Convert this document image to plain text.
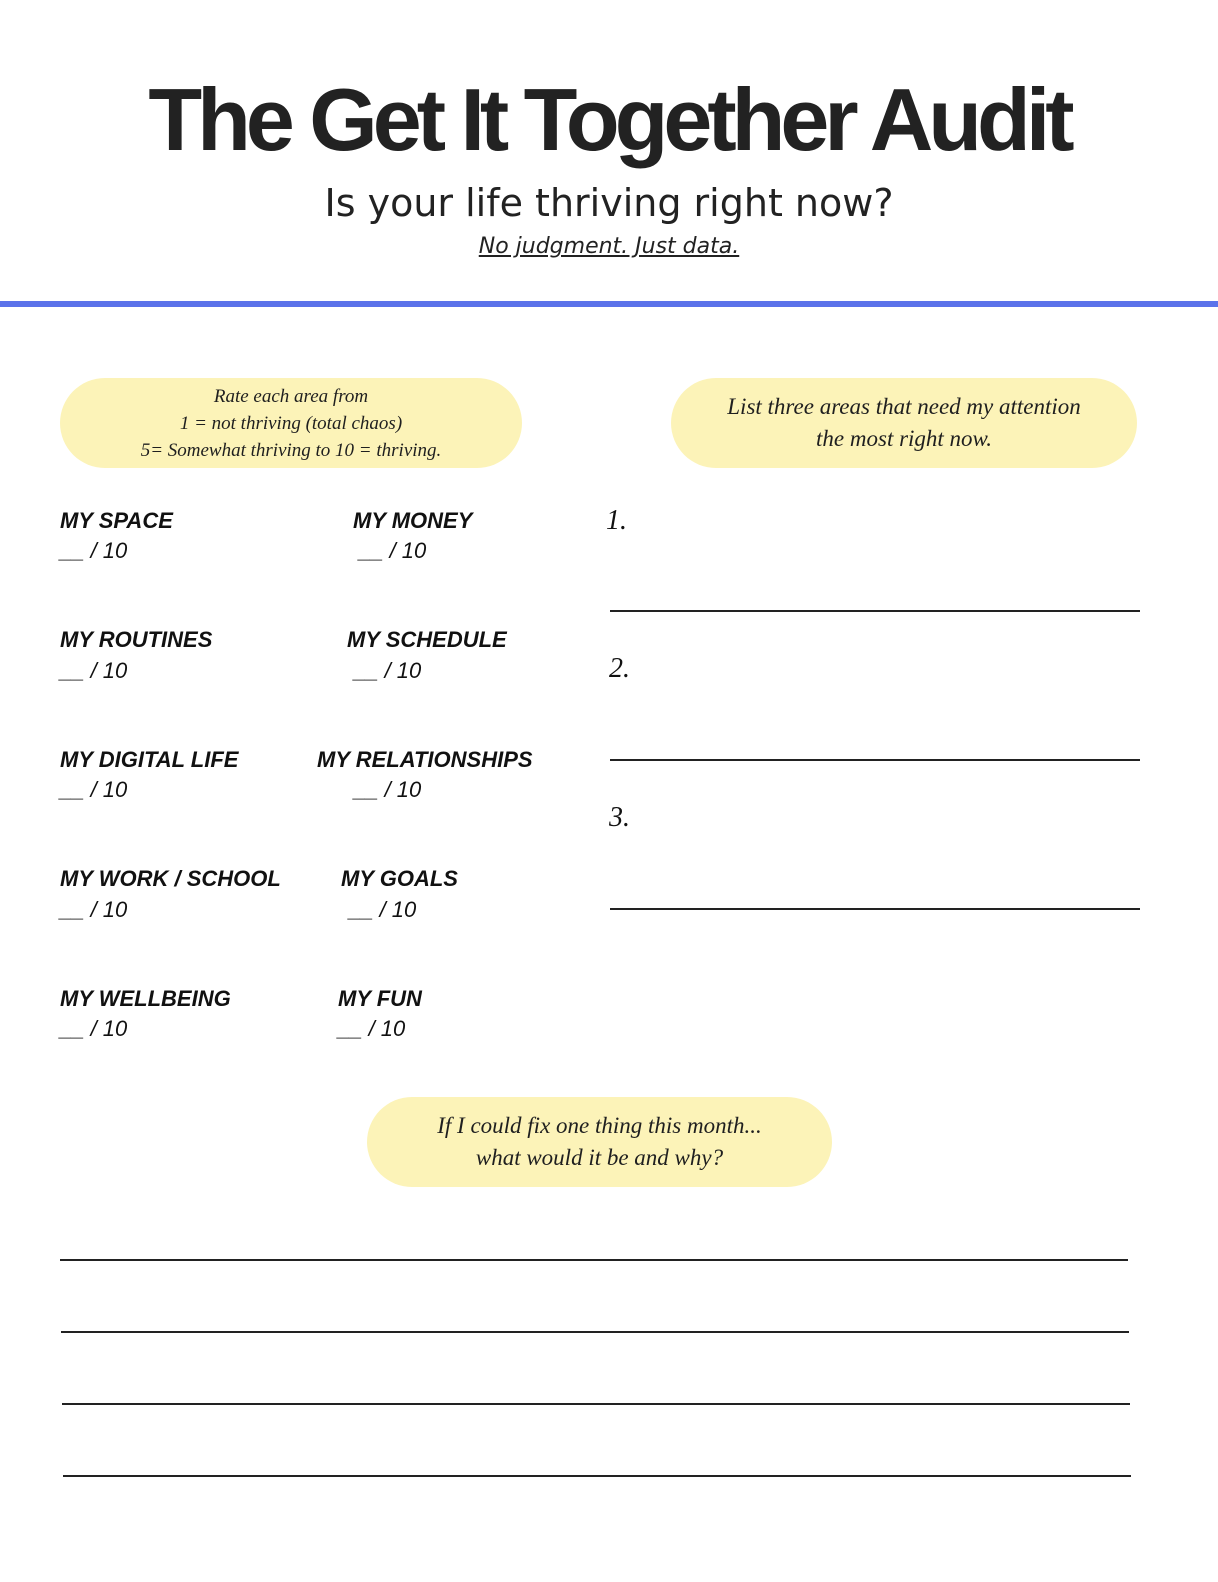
The Get It Together Audit
Is your life thriving right now?
No judgment. Just data.
Rate each area from
1 = not thriving (total chaos)
5= Somewhat thriving to 10 = thriving.
List three areas that need my attention
the most right now.
MY SPACE
__ / 10
MY MONEY
__ / 10
MY ROUTINES
__ / 10
MY SCHEDULE
__ / 10
MY DIGITAL LIFE
__ / 10
MY RELATIONSHIPS
__ / 10
MY WORK / SCHOOL
__ / 10
MY GOALS
__ / 10
MY WELLBEING
__ / 10
MY FUN
__ / 10
1.
2.
3.
If I could fix one thing this month...
what would it be and why?
